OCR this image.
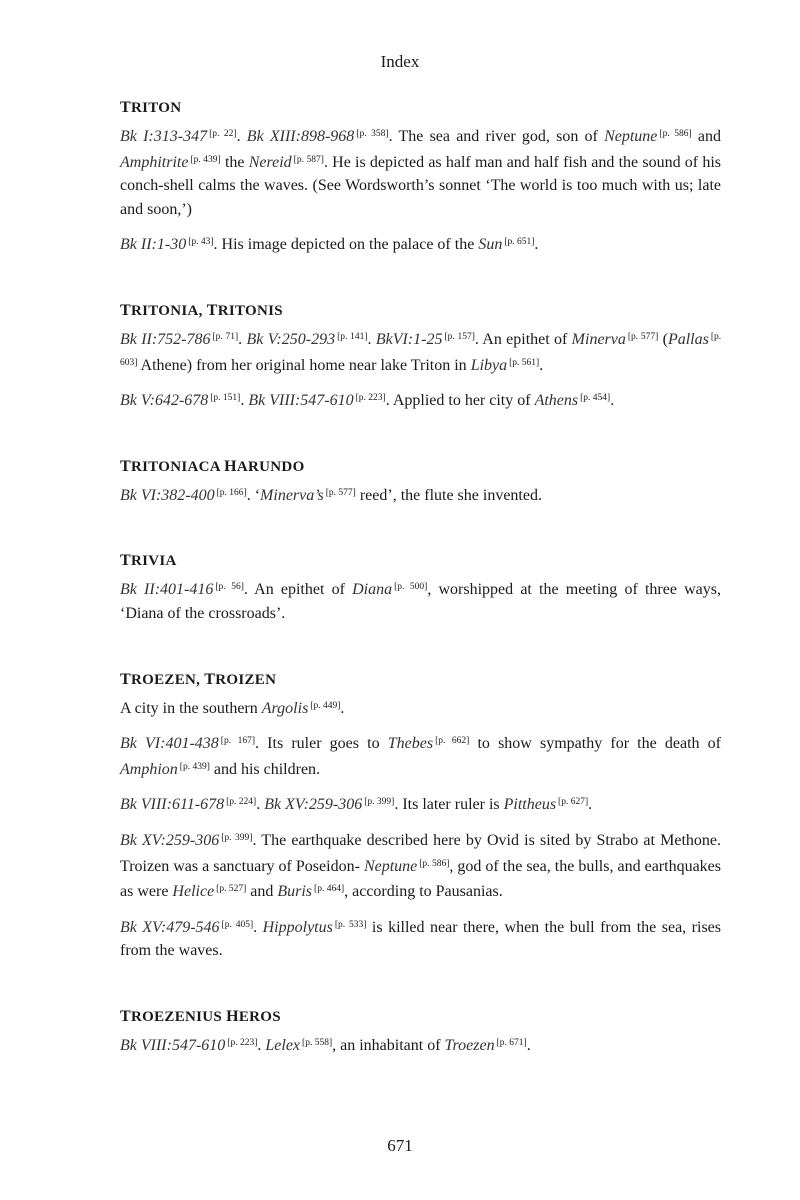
Index
TRITON
Bk I:313-347 [p. 22]. Bk XIII:898-968 [p. 358]. The sea and river god, son of Neptune [p. 586] and Amphitrite [p. 439] the Nereid [p. 587]. He is depicted as half man and half fish and the sound of his conch-shell calms the waves. (See Wordsworth’s sonnet ‘The world is too much with us; late and soon,’)
Bk II:1-30 [p. 43]. His image depicted on the palace of the Sun [p. 651].
TRITONIA, TRITONIS
Bk II:752-786 [p. 71]. Bk V:250-293 [p. 141]. BkVI:1-25 [p. 157]. An epithet of Minerva [p. 577] (Pallas [p. 603] Athene) from her original home near lake Triton in Libya [p. 561].
Bk V:642-678 [p. 151]. Bk VIII:547-610 [p. 223]. Applied to her city of Athens [p. 454].
TRITONIACA HARUNDO
Bk VI:382-400 [p. 166]. ‘Minerva’s [p. 577] reed’, the flute she invented.
TRIVIA
Bk II:401-416 [p. 56]. An epithet of Diana [p. 500], worshipped at the meeting of three ways, ‘Diana of the crossroads’.
TROEZEN, TROIZEN
A city in the southern Argolis [p. 449].
Bk VI:401-438 [p. 167]. Its ruler goes to Thebes [p. 662] to show sympathy for the death of Amphion [p. 439] and his children.
Bk VIII:611-678 [p. 224]. Bk XV:259-306 [p. 399]. Its later ruler is Pittheus [p. 627].
Bk XV:259-306 [p. 399]. The earthquake described here by Ovid is sited by Strabo at Methone. Troizen was a sanctuary of Poseidon- Neptune [p. 586], god of the sea, the bulls, and earthquakes as were Helice [p. 527] and Buris [p. 464], according to Pausanias.
Bk XV:479-546 [p. 405]. Hippolytus [p. 533] is killed near there, when the bull from the sea, rises from the waves.
TROEZENIUS HEROS
Bk VIII:547-610 [p. 223]. Lelex [p. 558], an inhabitant of Troezen [p. 671].
671
